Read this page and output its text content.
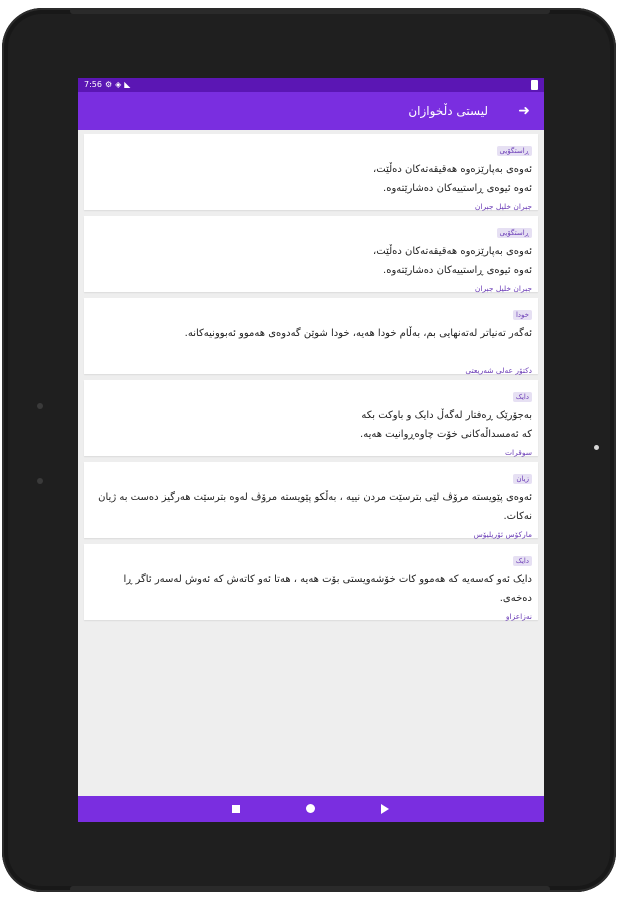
7:56 ⚙ ◈ ◣
لیستی دڵخوازان ➜
ڕاستگۆیی
ئەوەی بەپارێزەوە هەقیقەتەکان دەڵێت،
ئەوە ئیوەی ڕاستییەکان دەشارێتەوە.
جبران خلیل جبران
ڕاستگۆیی
ئەوەی بەپارێزەوە هەقیقەتەکان دەڵێت،
ئەوە ئیوەی ڕاستییەکان دەشارێتەوە.
جبران خلیل جبران
خودا
ئەگەر تەنیاتر لەتەنهایی بم، بەڵام خودا هەیە، خودا شوێن گەدوەی هەموو ئەبوونیەکانە.
دکتۆر عەلی شەریعتی
دایک
بەجۆرێک ڕەفتار لەگەڵ دایک و باوکت بکە
کە ئەمسداڵەکانی خۆت چاوەڕوانیت هەیە.
سوقرات
زیان
ئەوەی پێویستە مرۆڤ لێی بترسێت مردن نییە ، بەڵکو پێویستە مرۆڤ لەوە بترسێت هەرگیز دەست بە ژیان نەکات.
مارکۆس ئۆریلیۆس
دایک
دایک ئەو کەسەیە کە هەموو کات خۆشەویستی بۆت هەیە ، هەتا ئەو کاتەش کە ئەوش لەسەر ئاگر ڕا دەخەی.
نەزاعزاو
